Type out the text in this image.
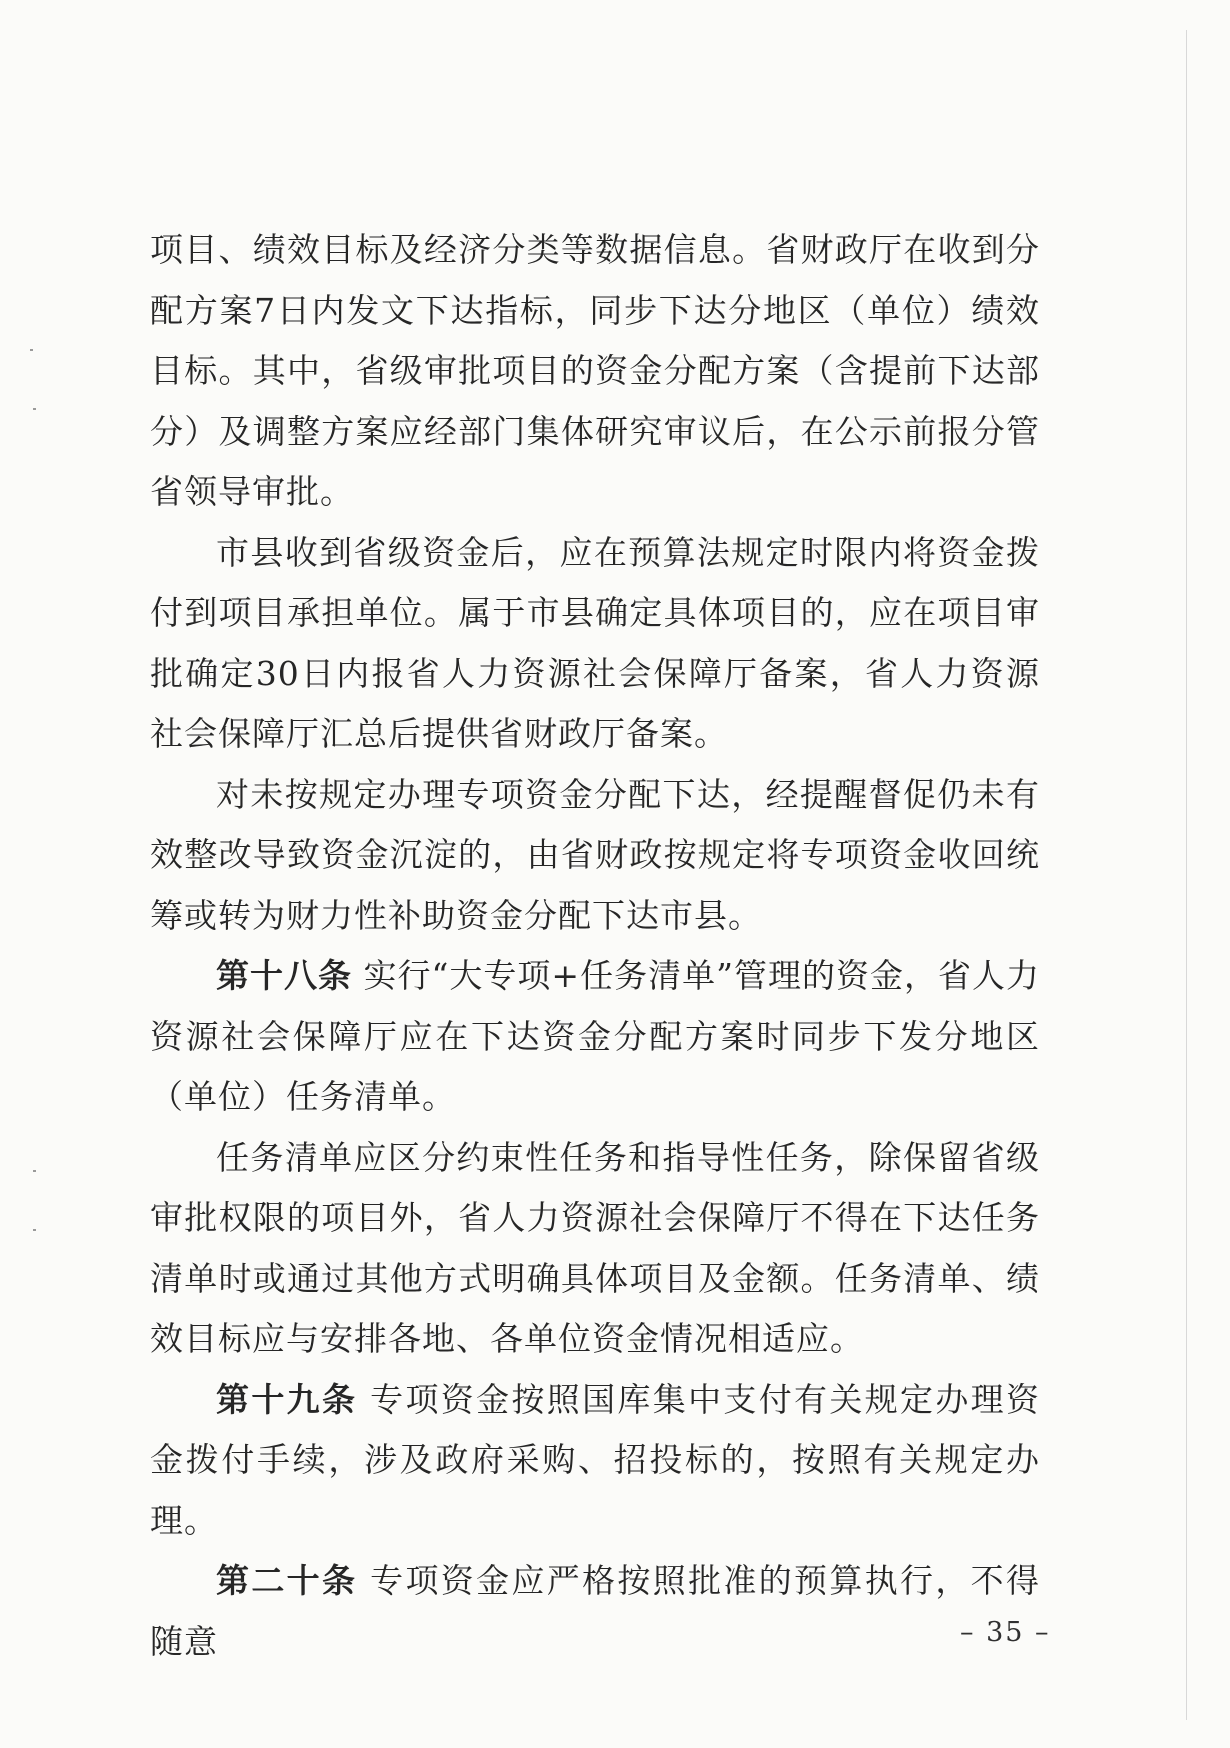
项目、绩效目标及经济分类等数据信息。省财政厅在收到分配方案7日内发文下达指标，同步下达分地区（单位）绩效目标。其中，省级审批项目的资金分配方案（含提前下达部分）及调整方案应经部门集体研究审议后，在公示前报分管省领导审批。

市县收到省级资金后，应在预算法规定时限内将资金拨付到项目承担单位。属于市县确定具体项目的，应在项目审批确定30日内报省人力资源社会保障厅备案，省人力资源社会保障厅汇总后提供省财政厅备案。

对未按规定办理专项资金分配下达，经提醒督促仍未有效整改导致资金沉淀的，由省财政按规定将专项资金收回统筹或转为财力性补助资金分配下达市县。

第十八条 实行“大专项+任务清单”管理的资金，省人力资源社会保障厅应在下达资金分配方案时同步下发分地区（单位）任务清单。

任务清单应区分约束性任务和指导性任务，除保留省级审批权限的项目外，省人力资源社会保障厅不得在下达任务清单时或通过其他方式明确具体项目及金额。任务清单、绩效目标应与安排各地、各单位资金情况相适应。

第十九条 专项资金按照国库集中支付有关规定办理资金拨付手续，涉及政府采购、招投标的，按照有关规定办理。

第二十条 专项资金应严格按照批准的预算执行，不得随意	– 35 –
